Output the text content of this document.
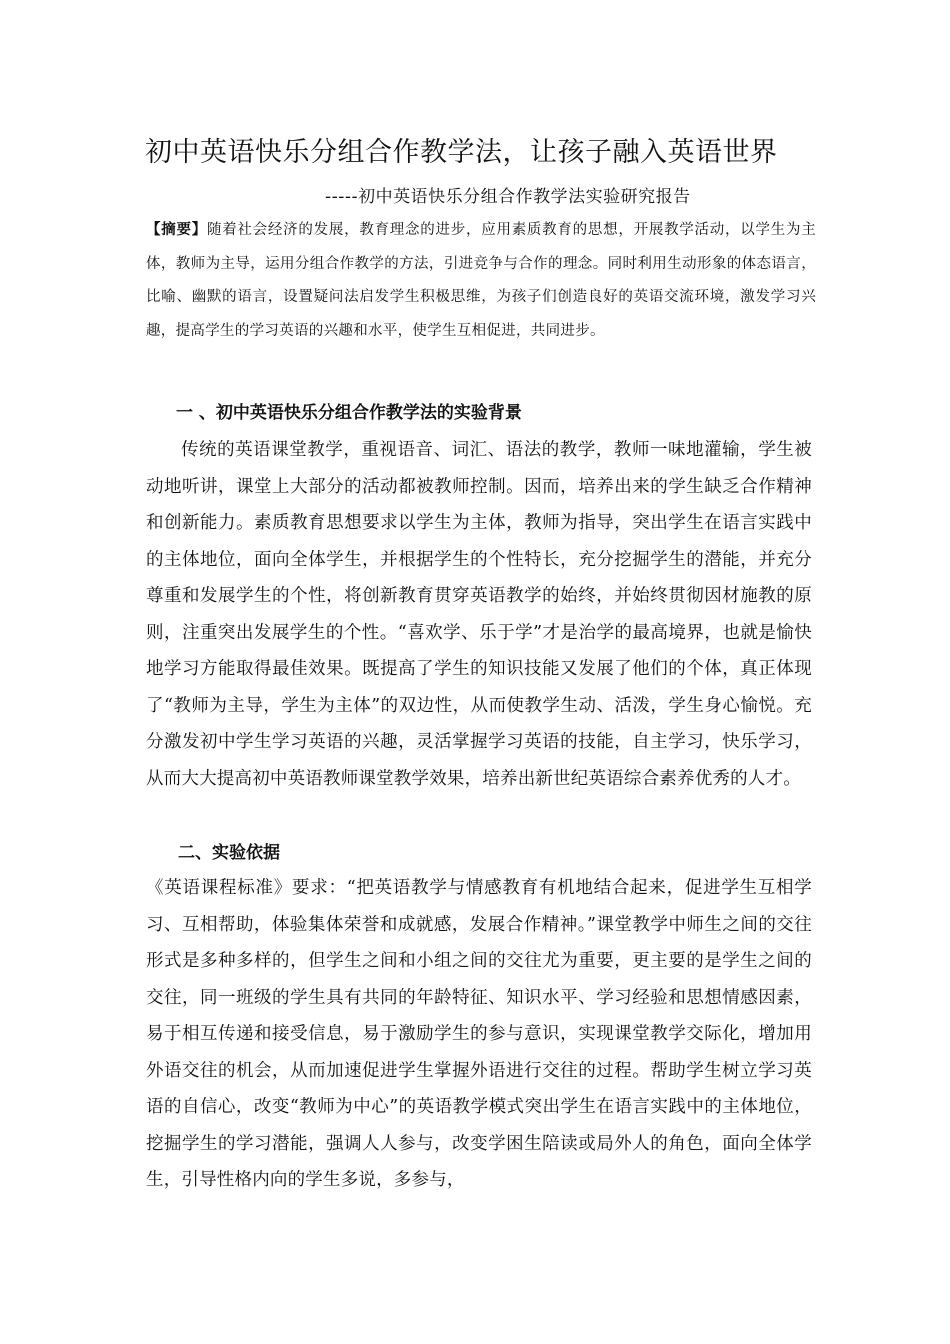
初中英语快乐分组合作教学法，让孩子融入英语世界
-----初中英语快乐分组合作教学法实验研究报告
【摘要】随着社会经济的发展，教育理念的进步，应用素质教育的思想，开展教学活动，以学生为主体，教师为主导，运用分组合作教学的方法，引进竞争与合作的理念。同时利用生动形象的体态语言，比喻、幽默的语言，设置疑问法启发学生积极思维，为孩子们创造良好的英语交流环境，激发学习兴趣，提高学生的学习英语的兴趣和水平，使学生互相促进，共同进步。
一 、初中英语快乐分组合作教学法的实验背景
传统的英语课堂教学，重视语音、词汇、语法的教学，教师一味地灌输，学生被动地听讲，课堂上大部分的活动都被教师控制。因而，培养出来的学生缺乏合作精神和创新能力。素质教育思想要求以学生为主体，教师为指导，突出学生在语言实践中的主体地位，面向全体学生，并根据学生的个性特长，充分挖掘学生的潜能，并充分尊重和发展学生的个性，将创新教育贯穿英语教学的始终，并始终贯彻因材施教的原则，注重突出发展学生的个性。“喜欢学、乐于学”才是治学的最高境界，也就是愉快地学习方能取得最佳效果。既提高了学生的知识技能又发展了他们的个体，真正体现了“教师为主导，学生为主体”的双边性，从而使教学生动、活泼，学生身心愉悦。充分激发初中学生学习英语的兴趣，灵活掌握学习英语的技能，自主学习，快乐学习，从而大大提高初中英语教师课堂教学效果，培养出新世纪英语综合素养优秀的人才。
二、实验依据
《英语课程标准》要求：“把英语教学与情感教育有机地结合起来，促进学生互相学习、互相帮助，体验集体荣誉和成就感，发展合作精神。”课堂教学中师生之间的交往形式是多种多样的，但学生之间和小组之间的交往尤为重要，更主要的是学生之间的交往，同一班级的学生具有共同的年龄特征、知识水平、学习经验和思想情感因素，易于相互传递和接受信息，易于激励学生的参与意识，实现课堂教学交际化，增加用外语交往的机会，从而加速促进学生掌握外语进行交往的过程。帮助学生树立学习英语的自信心，改变“教师为中心”的英语教学模式突出学生在语言实践中的主体地位，挖掘学生的学习潜能，强调人人参与，改变学困生陪读或局外人的角色，面向全体学生，引导性格内向的学生多说，多参与，
